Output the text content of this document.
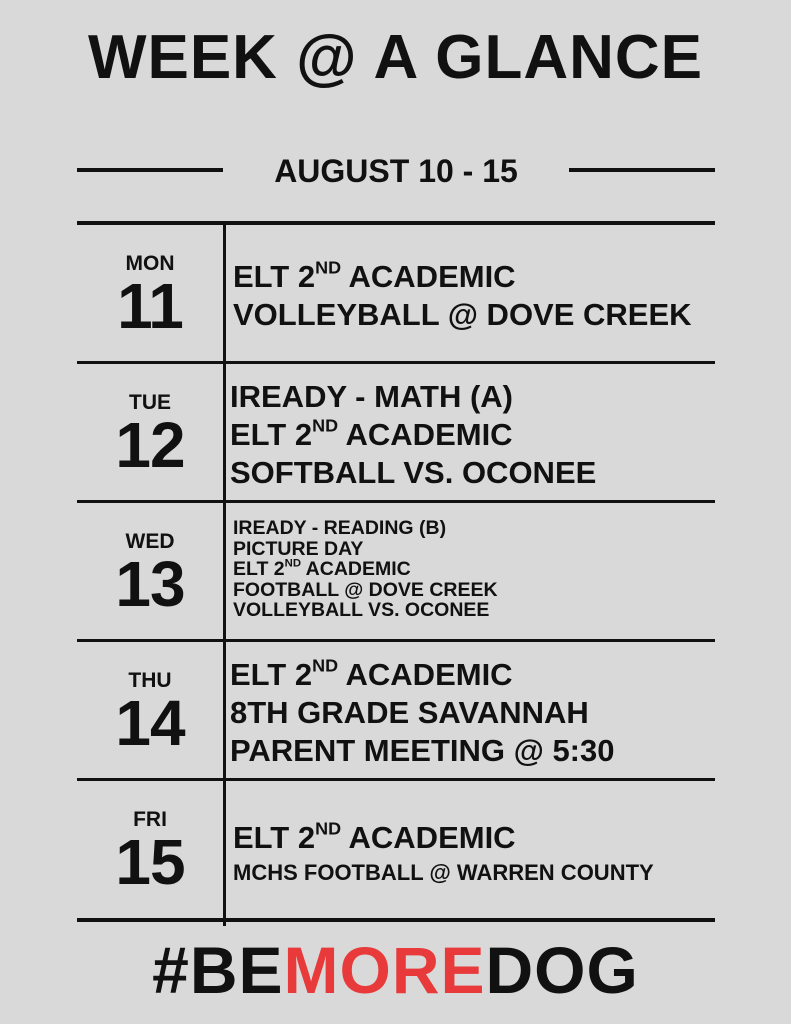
WEEK @ A GLANCE
AUGUST 10 - 15
MON
11	ELT 2ND ACADEMIC
VOLLEYBALL @ DOVE CREEK
TUE
12
IREADY - MATH (A)
ELT 2ND ACADEMIC
SOFTBALL VS. OCONEE
WED
13
IREADY - READING (B)
PICTURE DAY
ELT 2ND ACADEMIC
FOOTBALL @ DOVE CREEK
VOLLEYBALL VS. OCONEE
THU
14
ELT 2ND ACADEMIC
8TH GRADE SAVANNAH
PARENT MEETING @ 5:30
FRI
15	ELT 2ND ACADEMIC
MCHS FOOTBALL @ WARREN COUNTY
#BEMOREDOG
